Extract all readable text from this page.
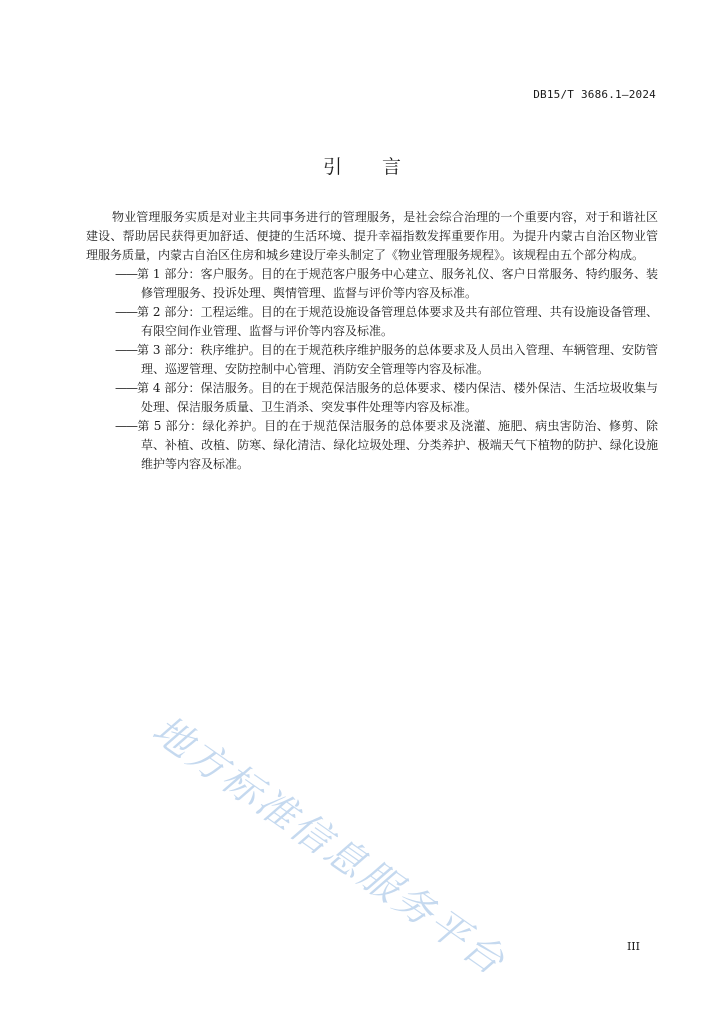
DB15/T 3686.1—2024
引言

物业管理服务实质是对业主共同事务进行的管理服务，是社会综合治理的一个重要内容，对于和谐社区建设、帮助居民获得更加舒适、便捷的生活环境、提升幸福指数发挥重要作用。为提升内蒙古自治区物业管理服务质量，内蒙古自治区住房和城乡建设厅牵头制定了《物业管理服务规程》。该规程由五个部分构成。

——第 1 部分：客户服务。目的在于规范客户服务中心建立、服务礼仪、客户日常服务、特约服务、装修管理服务、投诉处理、舆情管理、监督与评价等内容及标准。

——第 2 部分：工程运维。目的在于规范设施设备管理总体要求及共有部位管理、共有设施设备管理、有限空间作业管理、监督与评价等内容及标准。

——第 3 部分：秩序维护。目的在于规范秩序维护服务的总体要求及人员出入管理、车辆管理、安防管理、巡逻管理、安防控制中心管理、消防安全管理等内容及标准。

——第 4 部分：保洁服务。目的在于规范保洁服务的总体要求、楼内保洁、楼外保洁、生活垃圾收集与处理、保洁服务质量、卫生消杀、突发事件处理等内容及标准。

——第 5 部分：绿化养护。目的在于规范保洁服务的总体要求及浇灌、施肥、病虫害防治、修剪、除草、补植、改植、防寒、绿化清洁、绿化垃圾处理、分类养护、极端天气下植物的防护、绿化设施维护等内容及标准。

地方标准信息服务平台	III
